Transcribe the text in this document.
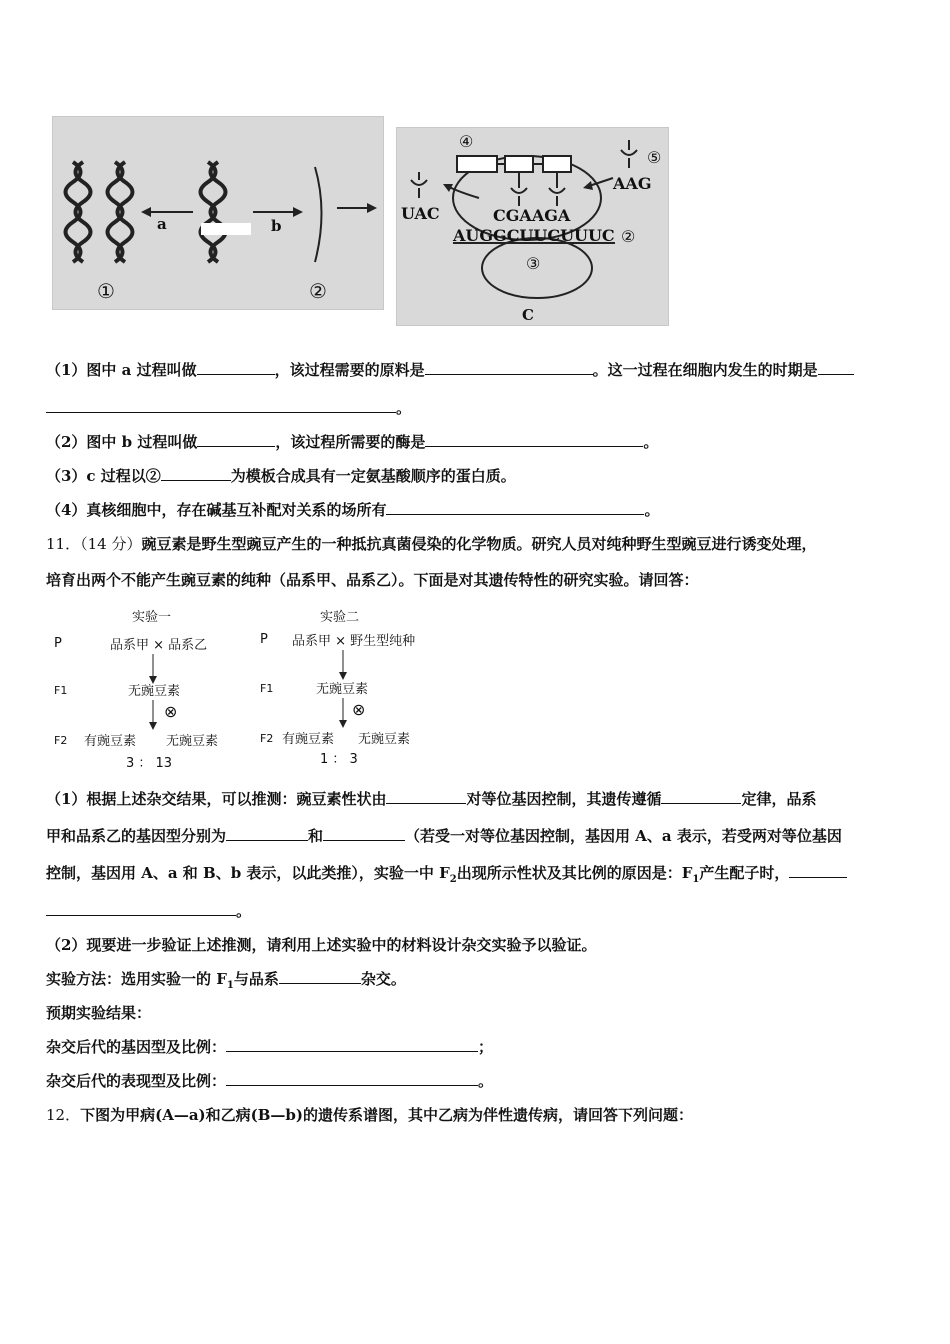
a	b
①	②
④
⑤
UAC
AAG
CGAAGA
AUGGCUUCUUUC ②
③
C
（1）图中 a 过程叫做	，该过程需要的原料是	。这一过程在细胞内发生的时期是
。
（2）图中 b 过程叫做	，该过程所需要的酶是	。
（3）c 过程以②	为模板合成具有一定氨基酸顺序的蛋白质。
（4）真核细胞中，存在碱基互补配对关系的场所有	。
11．（14 分）豌豆素是野生型豌豆产生的一种抵抗真菌侵染的化学物质。研究人员对纯种野生型豌豆进行诱变处理，
培育出两个不能产生豌豆素的纯种（品系甲、品系乙）。下面是对其遗传特性的研究实验。请回答：
实验一
P	品系甲 × 品系乙
F1	无豌豆素
⊗
F2 有豌豆素 无豌豆素
3 ： 13
实验二
P 品系甲 × 野生型纯种
F1	无豌豆素
⊗
F2 有豌豆素 无豌豆素
1 ： 3
（1）根据上述杂交结果，可以推测：豌豆素性状由	对等位基因控制，其遗传遵循	定律，品系
甲和品系乙的基因型分别为	和	（若受一对等位基因控制，基因用 A、a 表示，若受两对等位基因
控制，基因用 A、a 和 B、b 表示，以此类推），实验一中 $F_2$出现所示性状及其比例的原因是：$F_1$产生配子时，
。
（2）现要进一步验证上述推测，请利用上述实验中的材料设计杂交实验予以验证。
实验方法：选用实验一的 $F_1$与品系	杂交。
预期实验结果：
杂交后代的基因型及比例：	；
杂交后代的表现型及比例：	。
12．下图为甲病(A—a)和乙病(B—b)的遗传系谱图，其中乙病为伴性遗传病，请回答下列问题：
